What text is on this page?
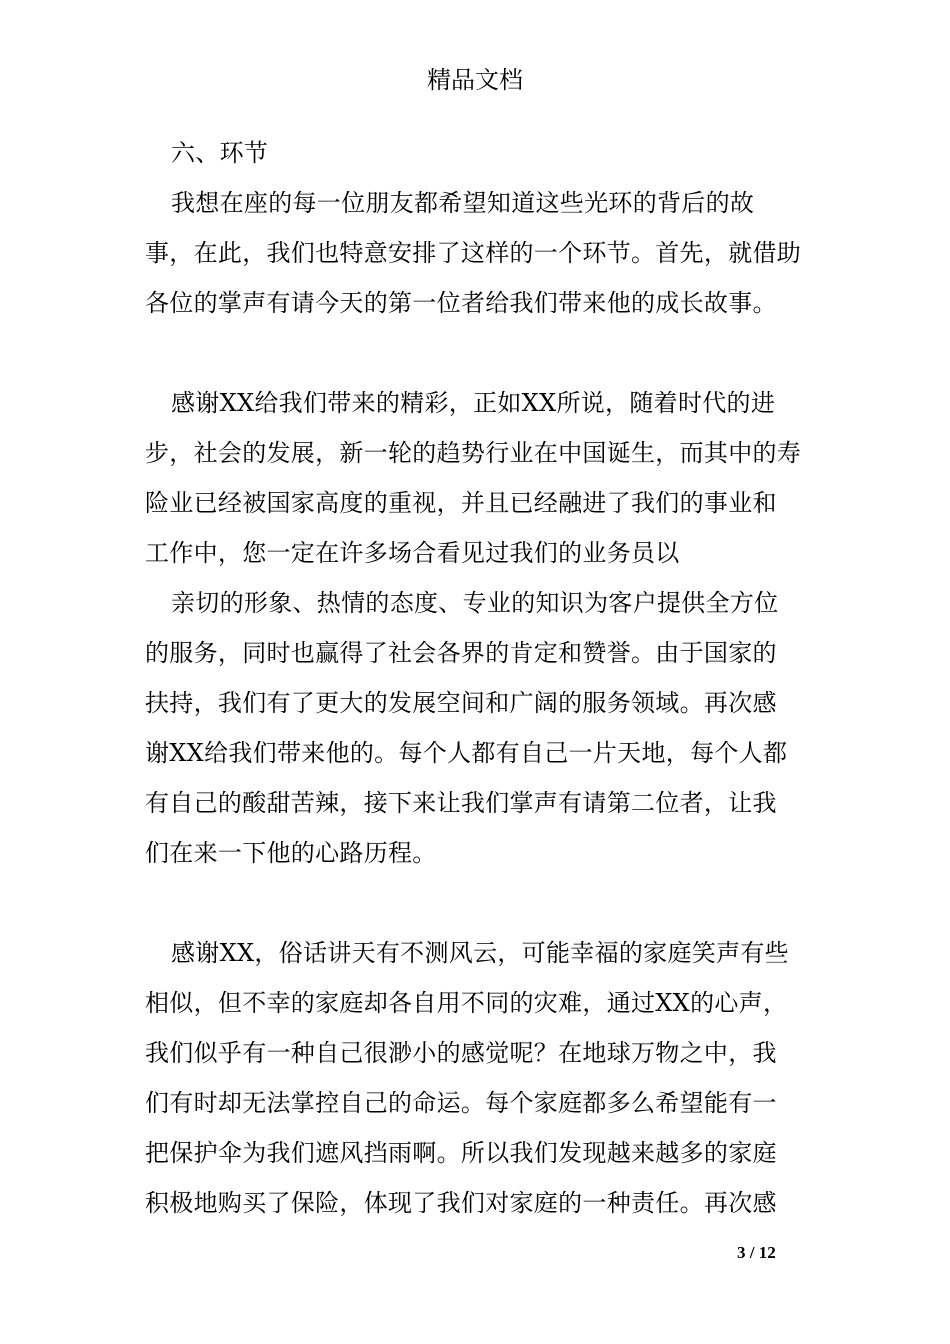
精品文档
六、环节
我想在座的每一位朋友都希望知道这些光环的背后的故
事，在此，我们也特意安排了这样的一个环节。首先，就借助
各位的掌声有请今天的第一位者给我们带来他的成长故事。
感谢XX给我们带来的精彩，正如XX所说，随着时代的进
步，社会的发展，新一轮的趋势行业在中国诞生，而其中的寿
险业已经被国家高度的重视，并且已经融进了我们的事业和
工作中，您一定在许多场合看见过我们的业务员以
亲切的形象、热情的态度、专业的知识为客户提供全方位
的服务，同时也赢得了社会各界的肯定和赞誉。由于国家的
扶持，我们有了更大的发展空间和广阔的服务领域。再次感
谢XX给我们带来他的。每个人都有自己一片天地，每个人都
有自己的酸甜苦辣，接下来让我们掌声有请第二位者，让我
们在来一下他的心路历程。
感谢XX，俗话讲天有不测风云，可能幸福的家庭笑声有些
相似，但不幸的家庭却各自用不同的灾难，通过XX的心声，
我们似乎有一种自己很渺小的感觉呢？在地球万物之中，我
们有时却无法掌控自己的命运。每个家庭都多么希望能有一
把保护伞为我们遮风挡雨啊。所以我们发现越来越多的家庭
积极地购买了保险，体现了我们对家庭的一种责任。再次感
3 / 12
